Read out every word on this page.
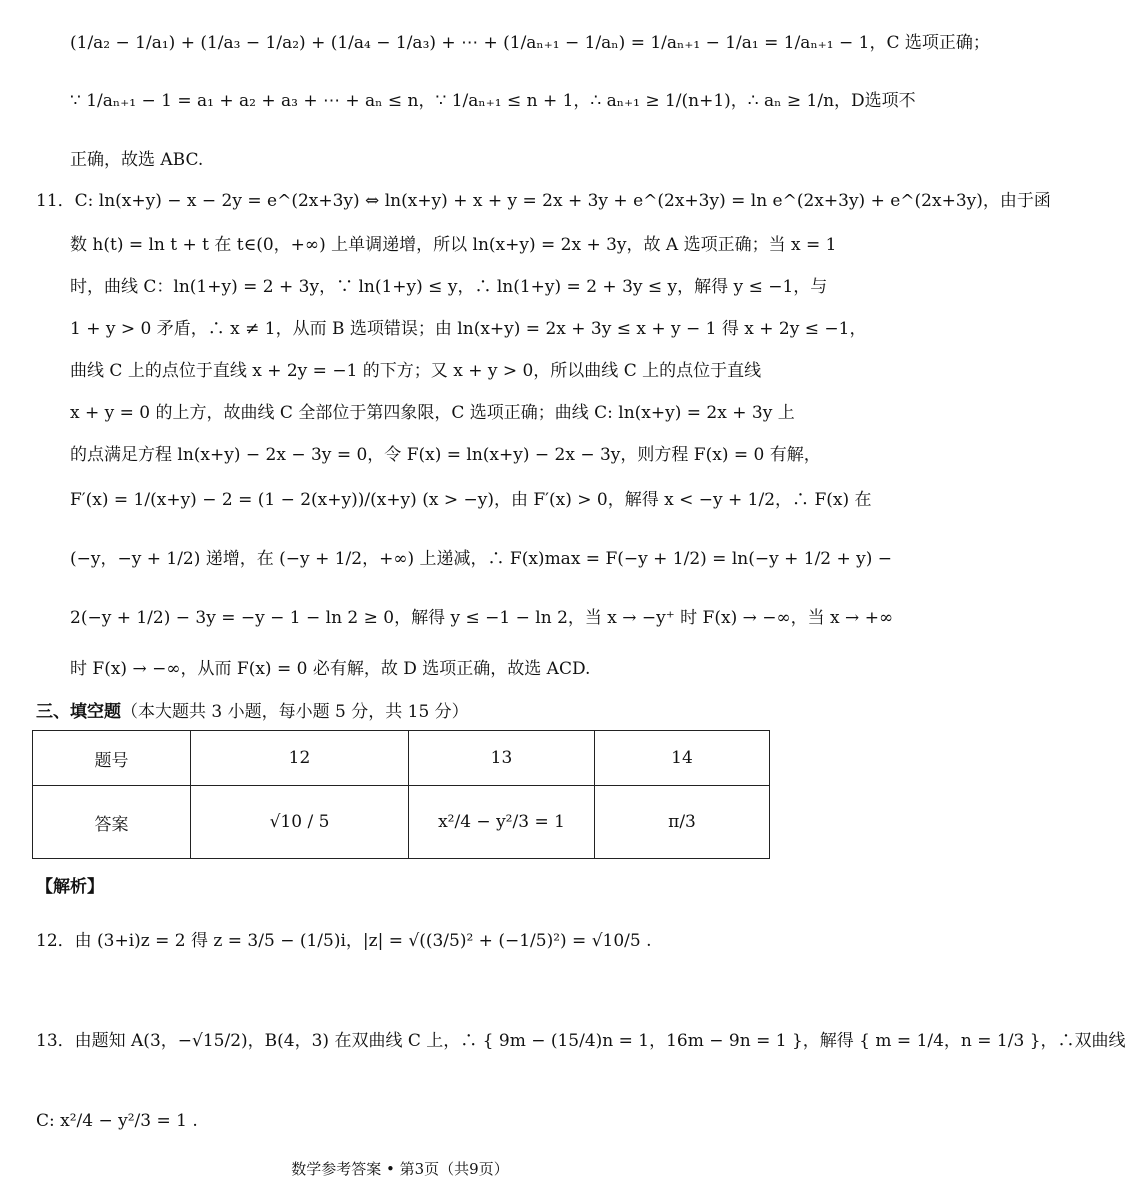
(1/a₂ − 1/a₁) + (1/a₃ − 1/a₂) + (1/a₄ − 1/a₃) + ⋯ + (1/aₙ₊₁ − 1/aₙ) = 1/aₙ₊₁ − 1/a₁ = 1/aₙ₊₁ − 1，C 选项正确；
∵ 1/aₙ₊₁ − 1 = a₁ + a₂ + a₃ + ⋯ + aₙ ≤ n，∵ 1/aₙ₊₁ ≤ n + 1，∴ aₙ₊₁ ≥ 1/(n+1)，∴ aₙ ≥ 1/n，D选项不
正确，故选 ABC.
11．C: ln(x+y) − x − 2y = e^(2x+3y) ⇔ ln(x+y) + x + y = 2x + 3y + e^(2x+3y) = ln e^(2x+3y) + e^(2x+3y)，由于函
数 h(t) = ln t + t 在 t∈(0，+∞) 上单调递增，所以 ln(x+y) = 2x + 3y，故 A 选项正确；当 x = 1
时，曲线 C：ln(1+y) = 2 + 3y，∵ ln(1+y) ≤ y，∴ ln(1+y) = 2 + 3y ≤ y，解得 y ≤ −1，与
1 + y > 0 矛盾，∴ x ≠ 1，从而 B 选项错误；由 ln(x+y) = 2x + 3y ≤ x + y − 1 得 x + 2y ≤ −1，
曲线 C 上的点位于直线 x + 2y = −1 的下方；又 x + y > 0，所以曲线 C 上的点位于直线
x + y = 0 的上方，故曲线 C 全部位于第四象限，C 选项正确；曲线 C: ln(x+y) = 2x + 3y 上
的点满足方程 ln(x+y) − 2x − 3y = 0，令 F(x) = ln(x+y) − 2x − 3y，则方程 F(x) = 0 有解，
F′(x) = 1/(x+y) − 2 = (1 − 2(x+y))/(x+y) (x > −y)，由 F′(x) > 0，解得 x < −y + 1/2，∴ F(x) 在
(−y，−y + 1/2) 递增，在 (−y + 1/2，+∞) 上递减，∴ F(x)max = F(−y + 1/2) = ln(−y + 1/2 + y) −
2(−y + 1/2) − 3y = −y − 1 − ln 2 ≥ 0，解得 y ≤ −1 − ln 2，当 x → −y⁺ 时 F(x) → −∞，当 x → +∞
时 F(x) → −∞，从而 F(x) = 0 必有解，故 D 选项正确，故选 ACD.
三、填空题（本大题共 3 小题，每小题 5 分，共 15 分）
题号	12	13	14
答案	√10 / 5	x²/4 − y²/3 = 1	π/3
【解析】
12．由 (3+i)z = 2 得 z = 3/5 − (1/5)i，|z| = √((3/5)² + (−1/5)²) = √10/5 .
13．由题知 A(3，−√15/2)，B(4，3) 在双曲线 C 上，∴ { 9m − (15/4)n = 1，16m − 9n = 1 }，解得 { m = 1/4，n = 1/3 }，∴双曲线
C: x²/4 − y²/3 = 1 .
数学参考答案 • 第3页（共9页）
